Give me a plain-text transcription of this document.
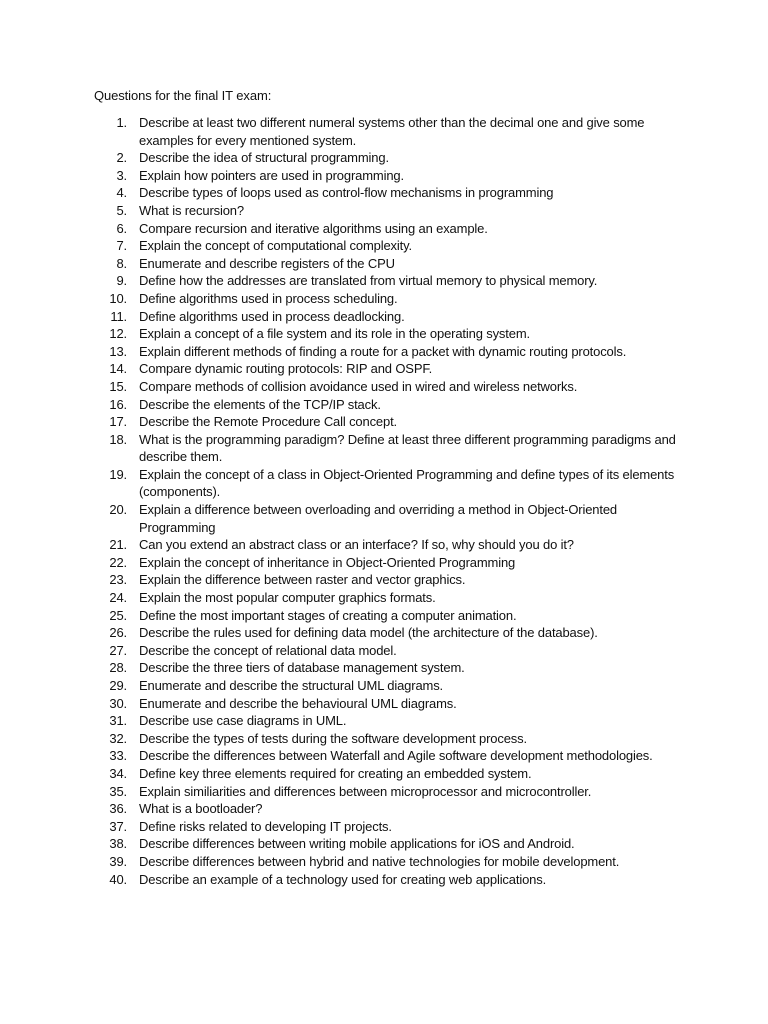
Questions for the final IT exam:
1. Describe at least two different numeral systems other than the decimal one and give some examples for every mentioned system.
2. Describe the idea of structural programming.
3. Explain how pointers are used in programming.
4. Describe types of loops used as control-flow mechanisms in programming
5. What is recursion?
6. Compare recursion and iterative algorithms using an example.
7. Explain the concept of computational complexity.
8. Enumerate and describe registers of the CPU
9. Define how the addresses are translated from virtual memory to physical memory.
10. Define algorithms used in process scheduling.
11. Define algorithms used in process deadlocking.
12. Explain a concept of a file system and its role in the operating system.
13. Explain different methods of finding a route for a packet with dynamic routing protocols.
14. Compare dynamic routing protocols: RIP and OSPF.
15. Compare methods of collision avoidance used in wired and wireless networks.
16. Describe the elements of the TCP/IP stack.
17. Describe the Remote Procedure Call concept.
18. What is the programming paradigm? Define at least three different programming paradigms and describe them.
19. Explain the concept of a class in Object-Oriented Programming and define types of its elements (components).
20. Explain a difference between overloading and overriding a method in Object-Oriented Programming
21. Can you extend an abstract class or an interface? If so, why should you do it?
22. Explain the concept of inheritance in Object-Oriented Programming
23. Explain the difference between raster and vector graphics.
24. Explain the most popular computer graphics formats.
25. Define the most important stages of creating a computer animation.
26. Describe the rules used for defining data model (the architecture of the database).
27. Describe the concept of relational data model.
28. Describe the three tiers of database management system.
29. Enumerate and describe the structural UML diagrams.
30. Enumerate and describe the behavioural UML diagrams.
31. Describe use case diagrams in UML.
32. Describe the types of tests during the software development process.
33. Describe the differences between Waterfall and Agile software development methodologies.
34. Define key three elements required for creating an embedded system.
35. Explain similiarities and differences between microprocessor and microcontroller.
36. What is a bootloader?
37. Define risks related to developing IT projects.
38. Describe differences between writing mobile applications for iOS and Android.
39. Describe differences between hybrid and native technologies for mobile development.
40. Describe an example of a technology used for creating web applications.
